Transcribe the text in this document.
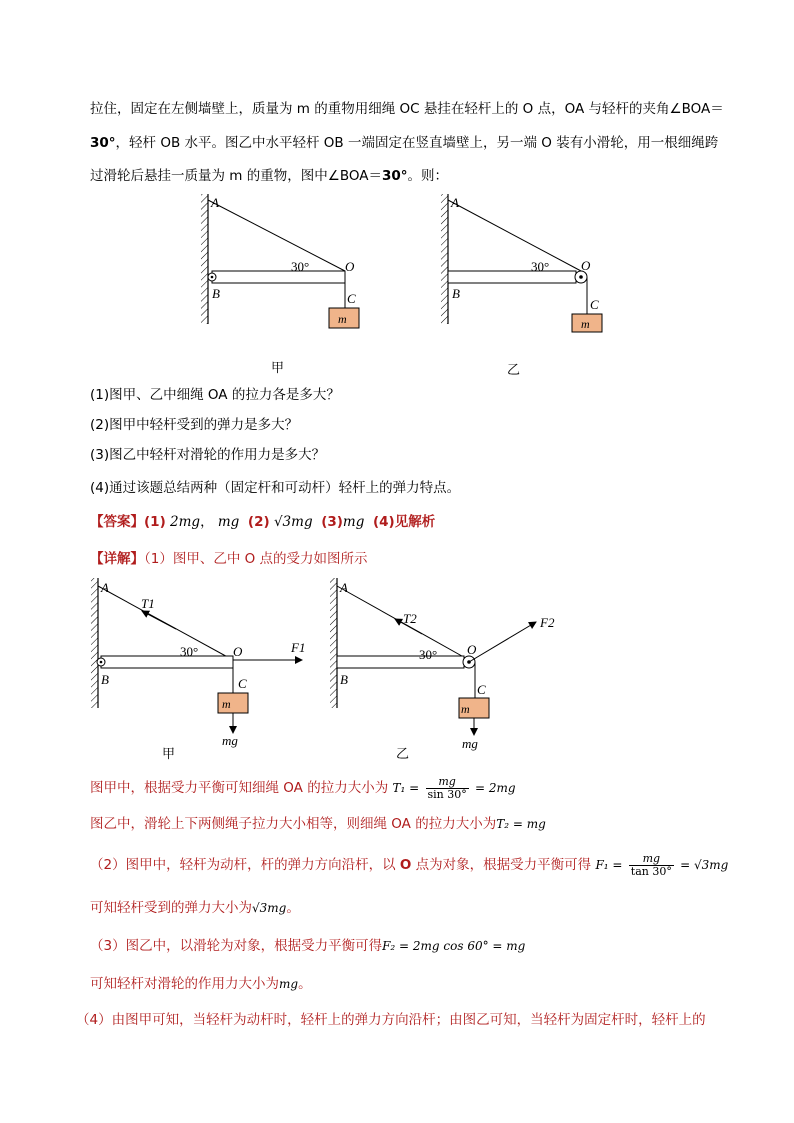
拉住，固定在左侧墙壁上，质量为 m 的重物用细绳 OC 悬挂在轻杆上的 O 点，OA 与轻杆的夹角∠BOA＝
30°，轻杆 OB 水平。图乙中水平轻杆 OB 一端固定在竖直墙壁上，另一端 O 装有小滑轮，用一根细绳跨
过滑轮后悬挂一质量为 m 的重物，图中∠BOA＝30°。则：
A
B
O
C
m
30°
A
B
O
C
m
30°
甲	乙
(1)图甲、乙中细绳 OA 的拉力各是多大？
(2)图甲中轻杆受到的弹力是多大？
(3)图乙中轻杆对滑轮的作用力是多大？
(4)通过该题总结两种（固定杆和可动杆）轻杆上的弹力特点。
【答案】(1) 2mg， mg (2) √3mg (3)mg (4)见解析
【详解】（1）图甲、乙中 O 点的受力如图所示
A
B
O
C
m
30°
T1
F1
mg
A
B
O
C
m
30°
T2	F2
mg
甲	乙
图甲中，根据受力平衡可知细绳 OA 的拉力大小为 $T_1 = \frac{mg}{\sin 30^\circ} = 2mg$
图乙中，滑轮上下两侧绳子拉力大小相等，则细绳 OA 的拉力大小为T₂ = mg
（2）图甲中，轻杆为动杆，杆的弹力方向沿杆，以 O 点为对象，根据受力平衡可得 $F_1 = \frac{mg}{\tan 30^\circ} = √3mg$
可知轻杆受到的弹力大小为√3mg。
（3）图乙中，以滑轮为对象，根据受力平衡可得F₂ = 2mg cos 60° = mg
可知轻杆对滑轮的作用力大小为mg。
（4）由图甲可知，当轻杆为动杆时，轻杆上的弹力方向沿杆；由图乙可知，当轻杆为固定杆时，轻杆上的
